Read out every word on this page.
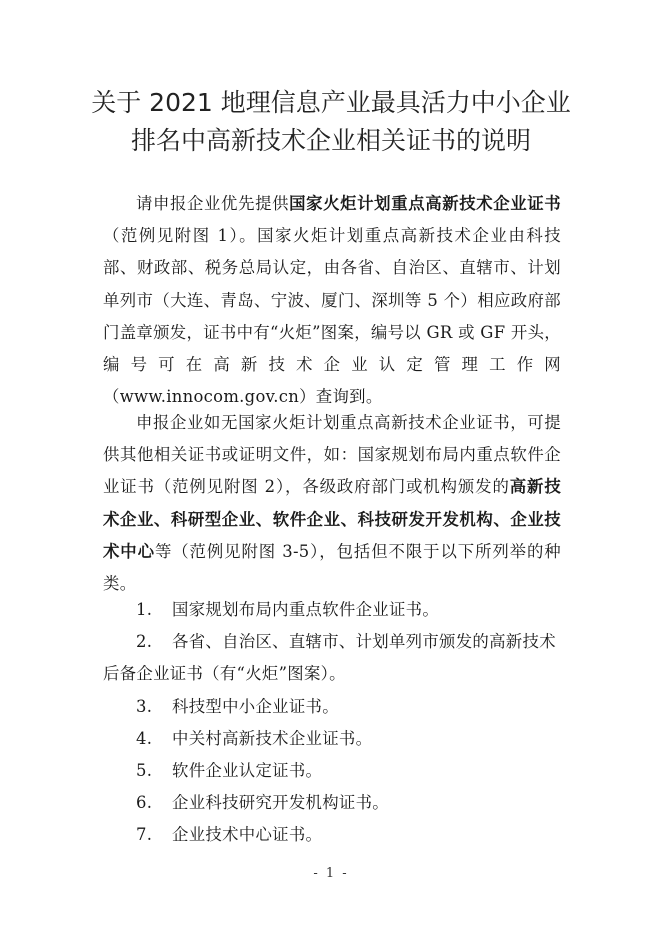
关于 2021 地理信息产业最具活力中小企业
排名中高新技术企业相关证书的说明

请申报企业优先提供国家火炬计划重点高新技术企业证书（范例见附图 1）。国家火炬计划重点高新技术企业由科技部、财政部、税务总局认定，由各省、自治区、直辖市、计划单列市（大连、青岛、宁波、厦门、深圳等 5 个）相应政府部门盖章颁发，证书中有“火炬”图案，编号以 GR 或 GF 开头，编号可在高新技术企业认定管理工作网（www.innocom.gov.cn）查询到。

申报企业如无国家火炬计划重点高新技术企业证书，可提供其他相关证书或证明文件，如：国家规划布局内重点软件企业证书（范例见附图 2），各级政府部门或机构颁发的高新技术企业、科研型企业、软件企业、科技研发开发机构、企业技术中心等（范例见附图 3-5），包括但不限于以下所列举的种类。

1. 国家规划布局内重点软件企业证书。

2. 各省、自治区、直辖市、计划单列市颁发的高新技术后备企业证书（有“火炬”图案）。

3. 科技型中小企业证书。

4. 中关村高新技术企业证书。

5. 软件企业认定证书。

6. 企业科技研究开发机构证书。

7. 企业技术中心证书。

- 1 -
